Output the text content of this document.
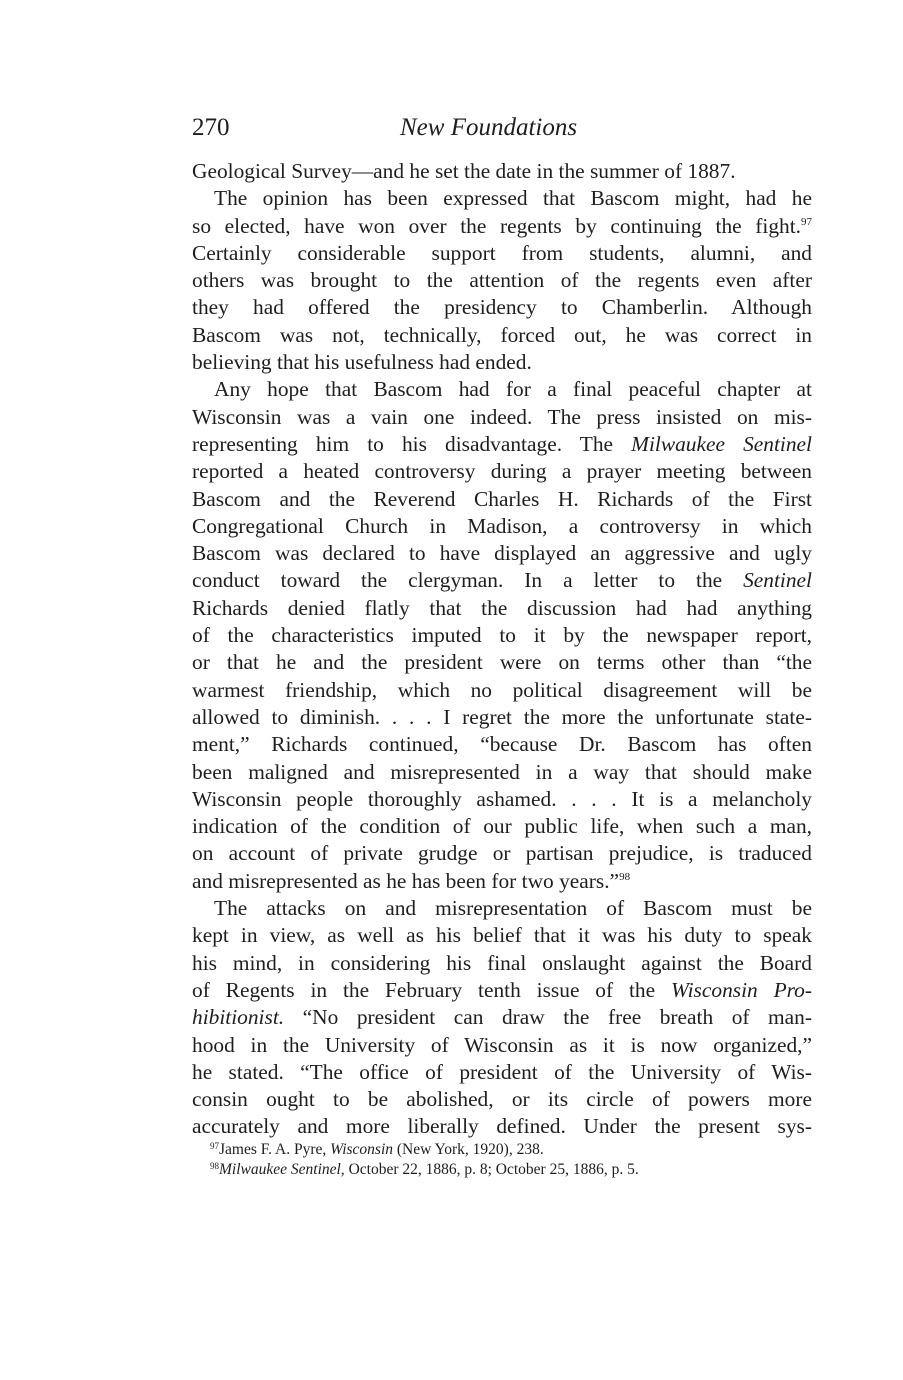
270	New Foundations
Geological Survey—and he set the date in the summer of 1887.
The opinion has been expressed that Bascom might, had he
so elected, have won over the regents by continuing the fight.$^{97}$
Certainly considerable support from students, alumni, and
others was brought to the attention of the regents even after
they had offered the presidency to Chamberlin. Although
Bascom was not, technically, forced out, he was correct in
believing that his usefulness had ended.
Any hope that Bascom had for a final peaceful chapter at
Wisconsin was a vain one indeed. The press insisted on mis-
representing him to his disadvantage. The Milwaukee Sentinel
reported a heated controversy during a prayer meeting between
Bascom and the Reverend Charles H. Richards of the First
Congregational Church in Madison, a controversy in which
Bascom was declared to have displayed an aggressive and ugly
conduct toward the clergyman. In a letter to the Sentinel
Richards denied flatly that the discussion had had anything
of the characteristics imputed to it by the newspaper report,
or that he and the president were on terms other than “the
warmest friendship, which no political disagreement will be
allowed to diminish. . . . I regret the more the unfortunate state-
ment,” Richards continued, “because Dr. Bascom has often
been maligned and misrepresented in a way that should make
Wisconsin people thoroughly ashamed. . . . It is a melancholy
indication of the condition of our public life, when such a man,
on account of private grudge or partisan prejudice, is traduced
and misrepresented as he has been for two years.”$^{98}$
The attacks on and misrepresentation of Bascom must be
kept in view, as well as his belief that it was his duty to speak
his mind, in considering his final onslaught against the Board
of Regents in the February tenth issue of the Wisconsin Pro-
hibitionist. “No president can draw the free breath of man-
hood in the University of Wisconsin as it is now organized,”
he stated. “The office of president of the University of Wis-
consin ought to be abolished, or its circle of powers more
accurately and more liberally defined. Under the present sys-
$^{97}$James F. A. Pyre, Wisconsin (New York, 1920), 238.
$^{98}$Milwaukee Sentinel, October 22, 1886, p. 8; October 25, 1886, p. 5.
